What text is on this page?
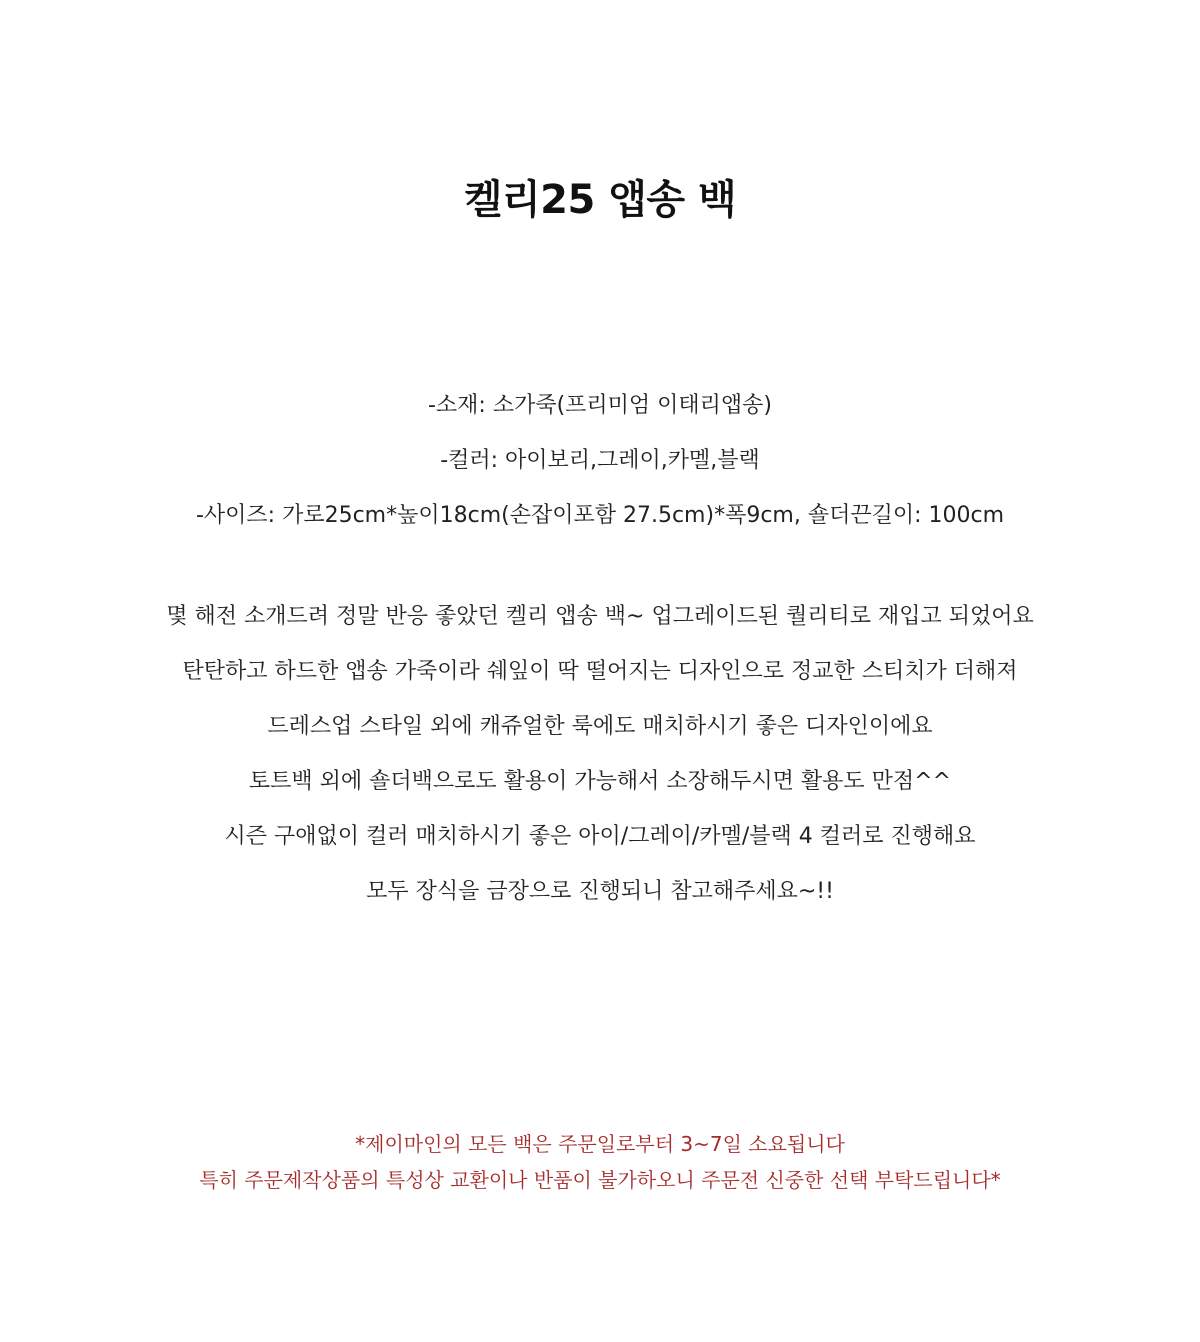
켈리25 앱송 백
-소재: 소가죽(프리미엄 이태리앱송)
-컬러: 아이보리,그레이,카멜,블랙
-사이즈: 가로25cm*높이18cm(손잡이포함 27.5cm)*폭9cm, 숄더끈길이: 100cm
몇 해전 소개드려 정말 반응 좋았던 켈리 앱송 백~ 업그레이드된 퀄리티로 재입고 되었어요
탄탄하고 하드한 앱송 가죽이라 쉐잎이 딱 떨어지는 디자인으로 정교한 스티치가 더해져
드레스업 스타일 외에 캐쥬얼한 룩에도 매치하시기 좋은 디자인이에요
토트백 외에 숄더백으로도 활용이 가능해서 소장해두시면 활용도 만점^^
시즌 구애없이 컬러 매치하시기 좋은 아이/그레이/카멜/블랙 4 컬러로 진행해요
모두 장식을 금장으로 진행되니 참고해주세요~!!
*제이마인의 모든 백은 주문일로부터 3~7일 소요됩니다
특히 주문제작상품의 특성상 교환이나 반품이 불가하오니 주문전 신중한 선택 부탁드립니다*
